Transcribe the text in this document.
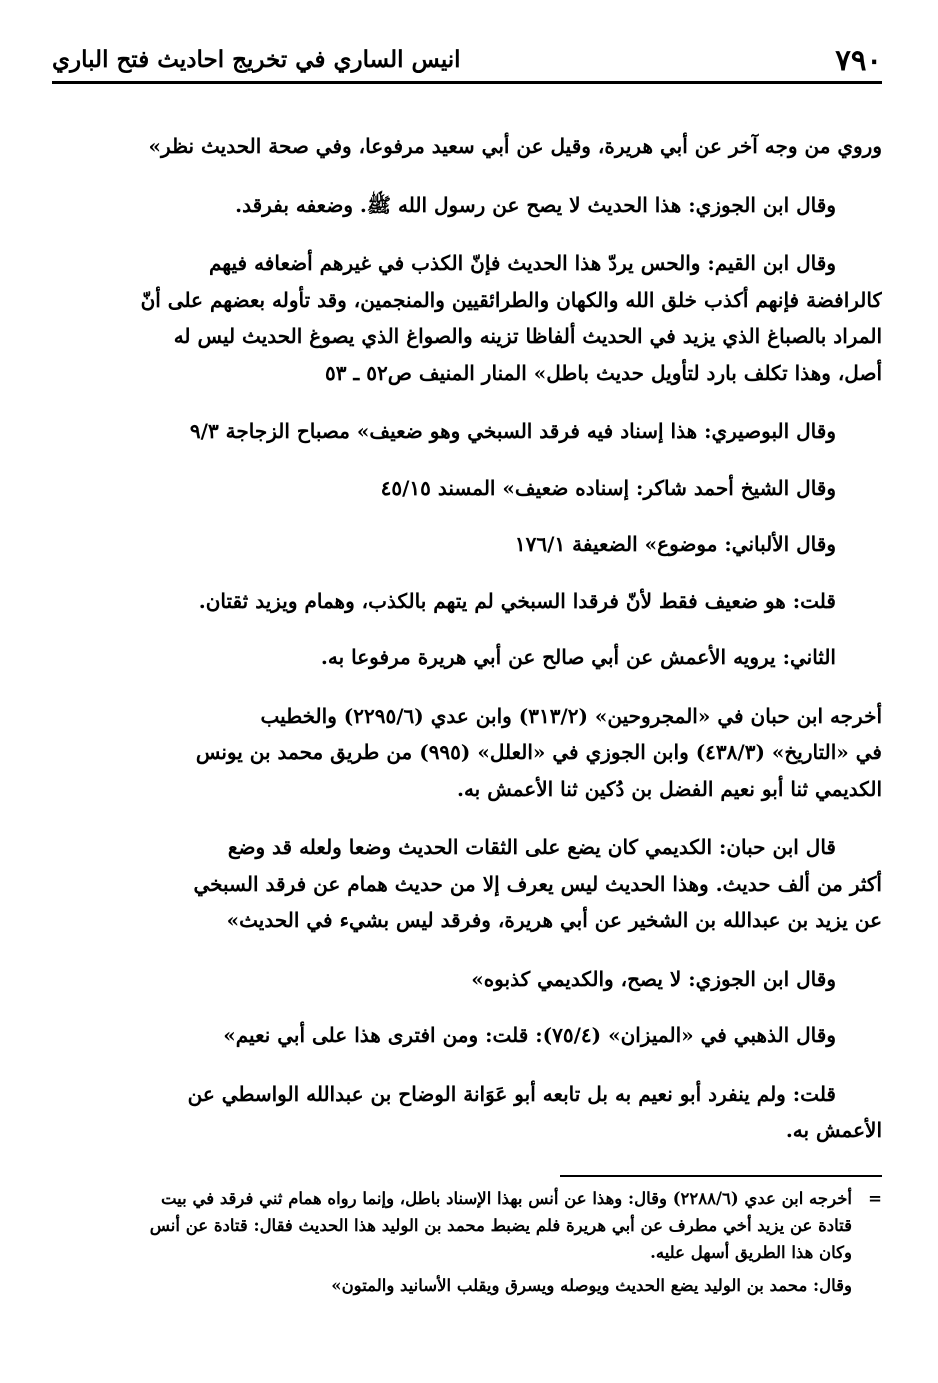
٧٩٠
انيس الساري في تخريج احاديث فتح الباري
وروي من وجه آخر عن أبي هريرة، وقيل عن أبي سعيد مرفوعا، وفي صحة الحديث نظر»
وقال ابن الجوزي: هذا الحديث لا يصح عن رسول الله ﷺ. وضعفه بفرقد.
وقال ابن القيم: والحس يردّ هذا الحديث فإنّ الكذب في غيرهم أضعافه فيهم
كالرافضة فإنهم أكذب خلق الله والكهان والطرائقيين والمنجمين، وقد تأوله بعضهم على أنّ
المراد بالصباغ الذي يزيد في الحديث ألفاظا تزينه والصواغ الذي يصوغ الحديث ليس له
أصل، وهذا تكلف بارد لتأويل حديث باطل» المنار المنيف ص٥٢ ـ ٥٣
وقال البوصيري: هذا إسناد فيه فرقد السبخي وهو ضعيف» مصباح الزجاجة ٩/٣
وقال الشيخ أحمد شاكر: إسناده ضعيف» المسند ٤٥/١٥
وقال الألباني: موضوع» الضعيفة ١٧٦/١
قلت: هو ضعيف فقط لأنّ فرقدا السبخي لم يتهم بالكذب، وهمام ويزيد ثقتان.
الثاني: يرويه الأعمش عن أبي صالح عن أبي هريرة مرفوعا به.
أخرجه ابن حبان في «المجروحين» (٣١٣/٢) وابن عدي (٢٢٩٥/٦) والخطيب
في «التاريخ» (٤٣٨/٣) وابن الجوزي في «العلل» (٩٩٥) من طريق محمد بن يونس
الكديمي ثنا أبو نعيم الفضل بن دُكين ثنا الأعمش به.
قال ابن حبان: الكديمي كان يضع على الثقات الحديث وضعا ولعله قد وضع
أكثر من ألف حديث. وهذا الحديث ليس يعرف إلا من حديث همام عن فرقد السبخي
عن يزيد بن عبدالله بن الشخير عن أبي هريرة، وفرقد ليس بشيء في الحديث»
وقال ابن الجوزي: لا يصح، والكديمي كذبوه»
وقال الذهبي في «الميزان» (٧٥/٤): قلت: ومن افترى هذا على أبي نعيم»
قلت: ولم ينفرد أبو نعيم به بل تابعه أبو عَوَانة الوضاح بن عبدالله الواسطي عن
الأعمش به.
=أخرجه ابن عدي (٢٢٨٨/٦) وقال: وهذا عن أنس بهذا الإسناد باطل، وإنما رواه همام ثني فرقد في بيت
قتادة عن يزيد أخي مطرف عن أبي هريرة فلم يضبط محمد بن الوليد هذا الحديث فقال: قتادة عن أنس
وكان هذا الطريق أسهل عليه.
وقال: محمد بن الوليد يضع الحديث ويوصله ويسرق ويقلب الأسانيد والمتون»
